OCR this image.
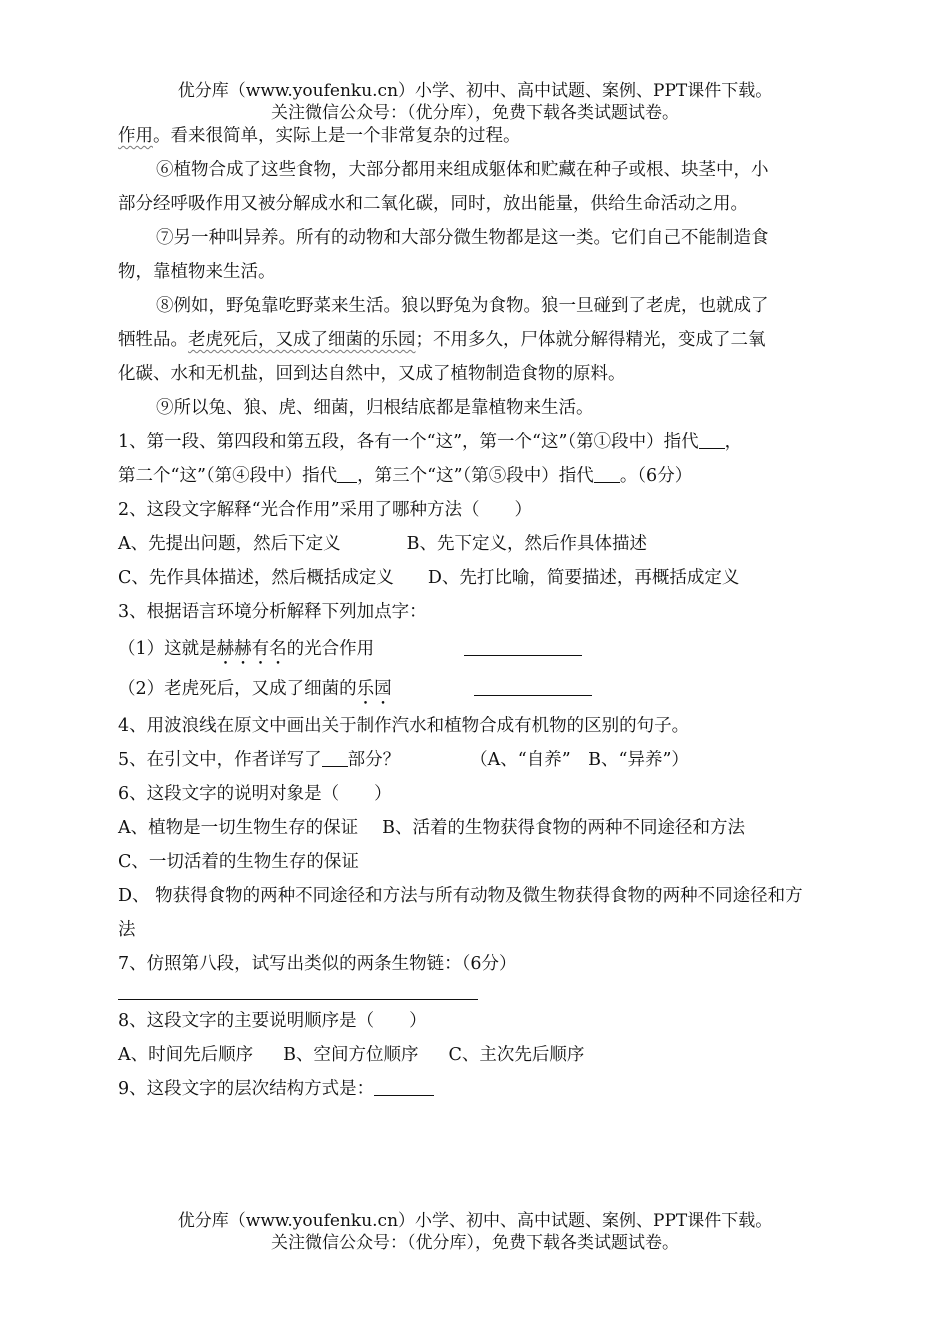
优分库（www.youfenku.cn）小学、初中、高中试题、案例、PPT课件下载。
关注微信公众号：（优分库），免费下载各类试题试卷。
作用。看来很简单，实际上是一个非常复杂的过程。
⑥植物合成了这些食物，大部分都用来组成躯体和贮藏在种子或根、块茎中，小
部分经呼吸作用又被分解成水和二氧化碳，同时，放出能量，供给生命活动之用。
⑦另一种叫异养。所有的动物和大部分微生物都是这一类。它们自己不能制造食
物，靠植物来生活。
⑧例如，野兔靠吃野菜来生活。狼以野兔为食物。狼一旦碰到了老虎，也就成了
牺牲品。老虎死后，又成了细菌的乐园；不用多久，尸体就分解得精光，变成了二氧
化碳、水和无机盐，回到达自然中，又成了植物制造食物的原料。
⑨所以兔、狼、虎、细菌，归根结底都是靠植物来生活。
1、第一段、第四段和第五段，各有一个“这”，第一个“这”（第①段中）指代 ，
第二个“这”（第④段中）指代 ，第三个“这”（第⑤段中）指代 。（6分）
2、这段文字解释“光合作用”采用了哪种方法（　　）
A、先提出问题，然后下定义	B、先下定义，然后作具体描述
C、先作具体描述，然后概括成定义 D、先打比喻，简要描述，再概括成定义
3、根据语言环境分析解释下列加点字：
（1）这就是赫赫有名的光合作用
（2）老虎死后，又成了细菌的乐园
4、用波浪线在原文中画出关于制作汽水和植物合成有机物的区别的句子。
5、在引文中，作者详写了 部分？	（A、“自养”　B、“异养”）
6、这段文字的说明对象是（　　）
A、植物是一切生物生存的保证 B、活着的生物获得食物的两种不同途径和方法
C、一切活着的生物生存的保证
D、 物获得食物的两种不同途径和方法与所有动物及微生物获得食物的两种不同途径和方
法
7、仿照第八段，试写出类似的两条生物链：（6分）
8、这段文字的主要说明顺序是（　　）
A、时间先后顺序 B、空间方位顺序 C、主次先后顺序
9、这段文字的层次结构方式是：
优分库（www.youfenku.cn）小学、初中、高中试题、案例、PPT课件下载。
关注微信公众号：（优分库），免费下载各类试题试卷。
